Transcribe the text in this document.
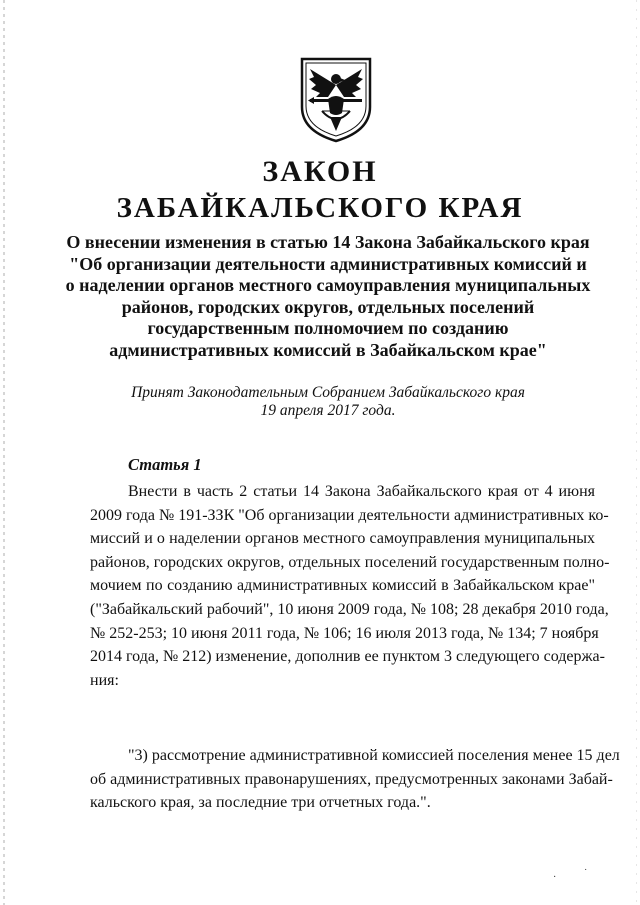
ЗАКОН
ЗАБАЙКАЛЬСКОГО КРАЯ
О внесении изменения в статью 14 Закона Забайкальского края
"Об организации деятельности административных комиссий и
о наделении органов местного самоуправления муниципальных
районов, городских округов, отдельных поселений
государственным полномочием по созданию
административных комиссий в Забайкальском крае"
Принят Законодательным Собранием Забайкальского края
19 апреля 2017 года.
Статья 1
Внести в часть 2 статьи 14 Закона Забайкальского края от 4 июня
2009 года № 191-ЗЗК "Об организации деятельности административных ко-
миссий и о наделении органов местного самоуправления муниципальных
районов, городских округов, отдельных поселений государственным полно-
мочием по созданию административных комиссий в Забайкальском крае"
("Забайкальский рабочий", 10 июня 2009 года, № 108; 28 декабря 2010 года,
№ 252-253; 10 июня 2011 года, № 106; 16 июля 2013 года, № 134; 7 ноября
2014 года, № 212) изменение, дополнив ее пунктом 3 следующего содержа-
ния:
"3) рассмотрение административной комиссией поселения менее 15 дел
об административных правонарушениях, предусмотренных законами Забай-
кальского края, за последние три отчетных года.".
·	˙
